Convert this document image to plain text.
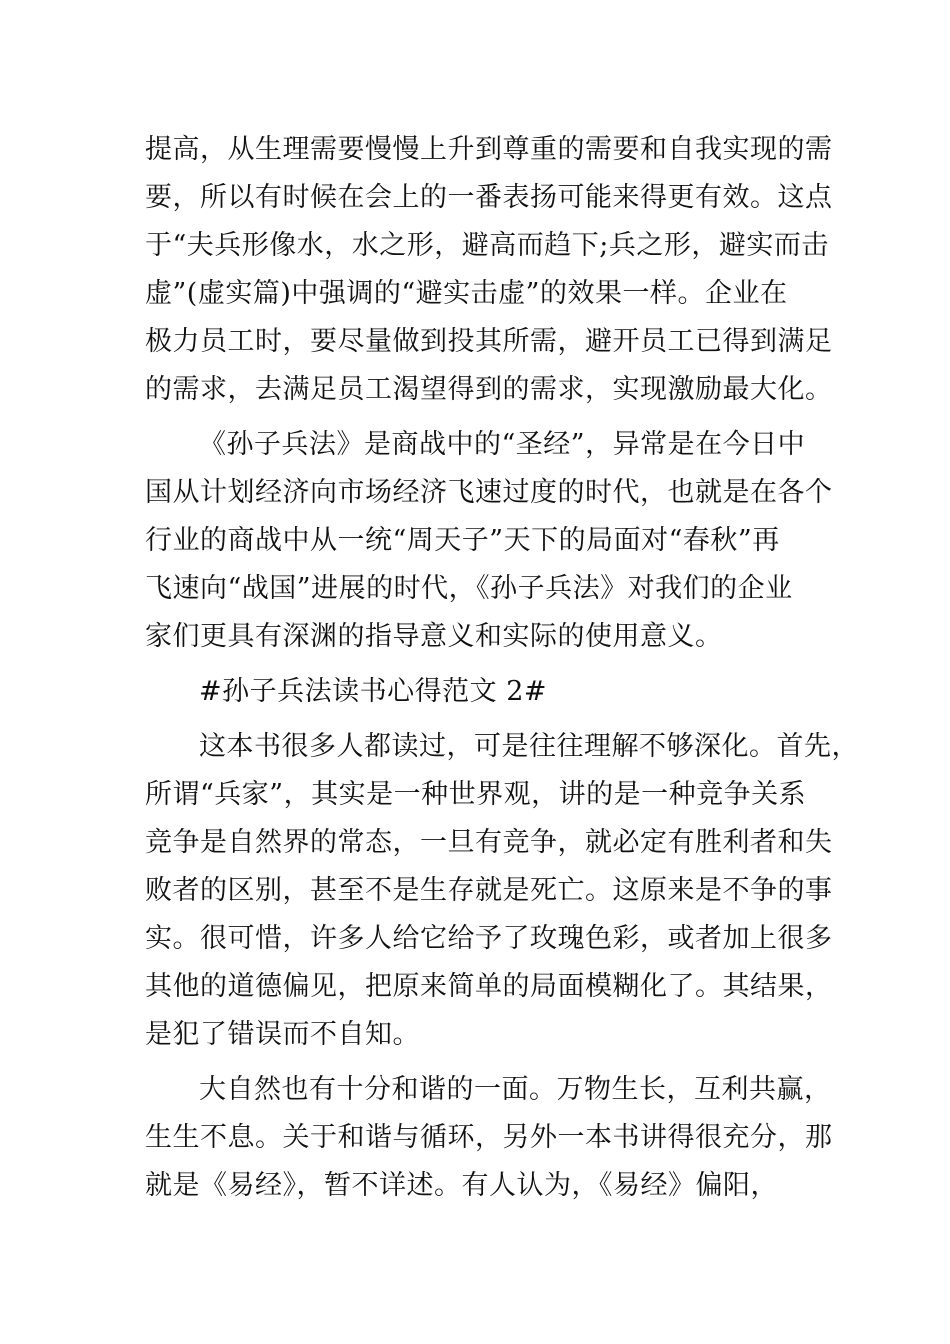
提高，从生理需要慢慢上升到尊重的需要和自我实现的需
要，所以有时候在会上的一番表扬可能来得更有效。这点
于“夫兵形像水，水之形，避高而趋下;兵之形，避实而击
虚”(虚实篇)中强调的“避实击虚”的效果一样。企业在
极力员工时，要尽量做到投其所需，避开员工已得到满足
的需求，去满足员工渴望得到的需求，实现激励最大化。
《孙子兵法》是商战中的“圣经”，异常是在今日中
国从计划经济向市场经济飞速过度的时代，也就是在各个
行业的商战中从一统“周天子”天下的局面对“春秋”再
飞速向“战国”进展的时代，《孙子兵法》对我们的企业
家们更具有深渊的指导意义和实际的使用意义。
#孙子兵法读书心得范文 2#
这本书很多人都读过，可是往往理解不够深化。首先，
所谓“兵家”，其实是一种世界观，讲的是一种竞争关系
竞争是自然界的常态，一旦有竞争，就必定有胜利者和失
败者的区别，甚至不是生存就是死亡。这原来是不争的事
实。很可惜，许多人给它给予了玫瑰色彩，或者加上很多
其他的道德偏见，把原来简单的局面模糊化了。其结果，
是犯了错误而不自知。
大自然也有十分和谐的一面。万物生长，互利共赢，
生生不息。关于和谐与循环，另外一本书讲得很充分，那
就是《易经》，暂不详述。有人认为，《易经》偏阳，
